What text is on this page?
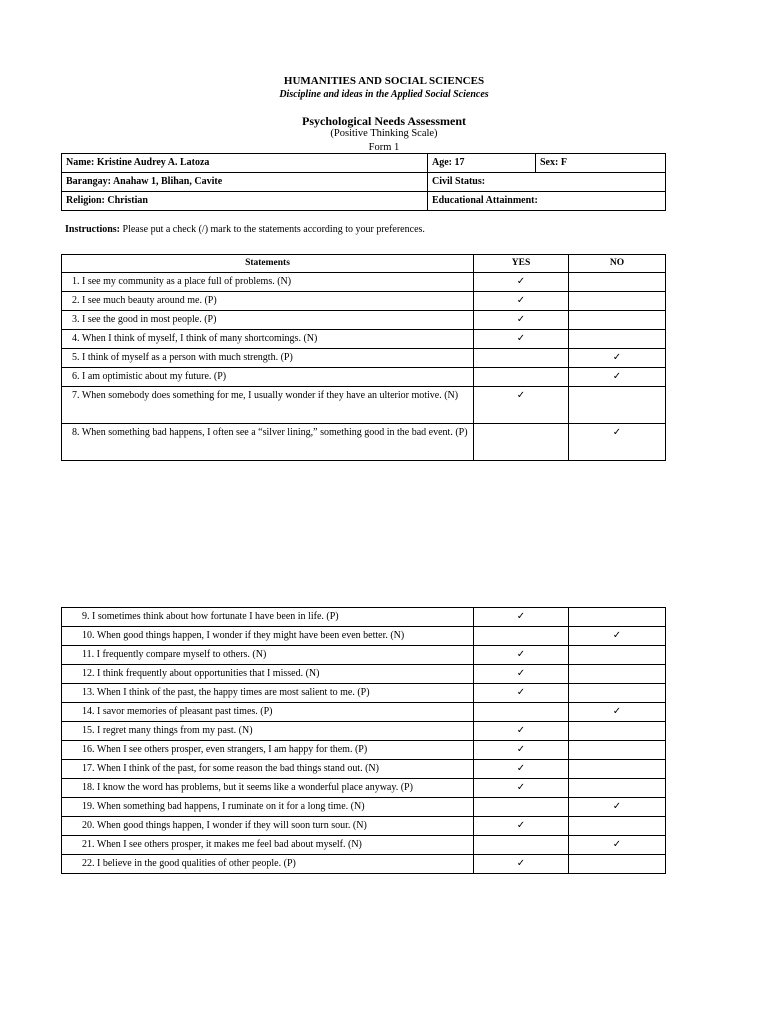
HUMANITIES AND SOCIAL SCIENCES
Discipline and ideas in the Applied Social Sciences
Psychological Needs Assessment
(Positive Thinking Scale)
Form 1
Name: Kristine Audrey A. Latoza	Age: 17	Sex: F
Barangay: Anahaw 1, Blihan, Cavite	Civil Status:	
Religion: Christian	Educational Attainment:	
Instructions: Please put a check (/) mark to the statements according to your preferences.
Statements	YES	NO
1. I see my community as a place full of problems. (N)	✓	
2. I see much beauty around me. (P)	✓	
3. I see the good in most people. (P)	✓	
4. When I think of myself, I think of many shortcomings. (N)	✓	
5. I think of myself as a person with much strength. (P)		✓
6. I am optimistic about my future. (P)		✓
7. When somebody does something for me, I usually wonder if they have an ulterior motive. (N)	✓	
8. When something bad happens, I often see a “silver lining,” something good in the bad event. (P)		✓
9. I sometimes think about how fortunate I have been in life. (P)	✓	
10. When good things happen, I wonder if they might have been even better. (N)		✓
11. I frequently compare myself to others. (N)	✓	
12. I think frequently about opportunities that I missed. (N)	✓	
13. When I think of the past, the happy times are most salient to me. (P)	✓	
14. I savor memories of pleasant past times. (P)		✓
15. I regret many things from my past. (N)	✓	
16. When I see others prosper, even strangers, I am happy for them. (P)	✓	
17. When I think of the past, for some reason the bad things stand out. (N)	✓	
18. I know the word has problems, but it seems like a wonderful place anyway. (P)	✓	
19. When something bad happens, I ruminate on it for a long time. (N)		✓
20. When good things happen, I wonder if they will soon turn sour. (N)	✓	
21. When I see others prosper, it makes me feel bad about myself. (N)		✓
22. I believe in the good qualities of other people. (P)	✓	
